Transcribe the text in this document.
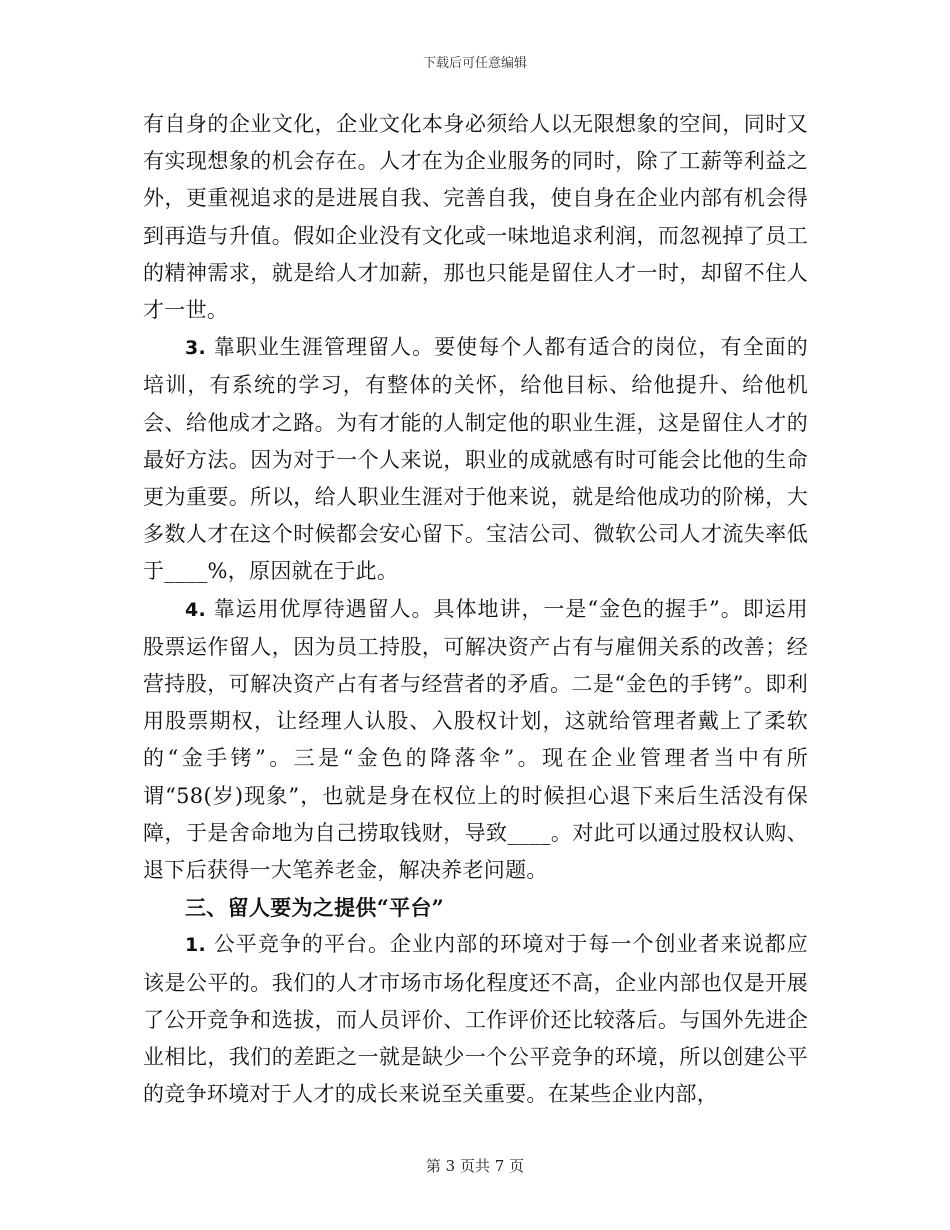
下载后可任意编辑

有自身的企业文化，企业文化本身必须给人以无限想象的空间，同时又有实现想象的机会存在。人才在为企业服务的同时，除了工薪等利益之外，更重视追求的是进展自我、完善自我，使自身在企业内部有机会得到再造与升值。假如企业没有文化或一味地追求利润，而忽视掉了员工的精神需求，就是给人才加薪，那也只能是留住人才一时，却留不住人才一世。

3. 靠职业生涯管理留人。要使每个人都有适合的岗位，有全面的培训，有系统的学习，有整体的关怀，给他目标、给他提升、给他机会、给他成才之路。为有才能的人制定他的职业生涯，这是留住人才的最好方法。因为对于一个人来说，职业的成就感有时可能会比他的生命更为重要。所以，给人职业生涯对于他来说，就是给他成功的阶梯，大多数人才在这个时候都会安心留下。宝洁公司、微软公司人才流失率低于____%，原因就在于此。

4. 靠运用优厚待遇留人。具体地讲，一是“金色的握手”。即运用股票运作留人，因为员工持股，可解决资产占有与雇佣关系的改善；经营持股，可解决资产占有者与经营者的矛盾。二是“金色的手铐”。即利用股票期权，让经理人认股、入股权计划，这就给管理者戴上了柔软的“金手铐”。三是“金色的降落伞”。现在企业管理者当中有所谓“58(岁)现象”，也就是身在权位上的时候担心退下来后生活没有保障，于是舍命地为自己捞取钱财，导致____。对此可以通过股权认购、退下后获得一大笔养老金，解决养老问题。

三、留人要为之提供“平台”

1. 公平竞争的平台。企业内部的环境对于每一个创业者来说都应该是公平的。我们的人才市场市场化程度还不高，企业内部也仅是开展了公开竞争和选拔，而人员评价、工作评价还比较落后。与国外先进企业相比，我们的差距之一就是缺少一个公平竞争的环境，所以创建公平的竞争环境对于人才的成长来说至关重要。在某些企业内部，

第 3 页共 7 页
